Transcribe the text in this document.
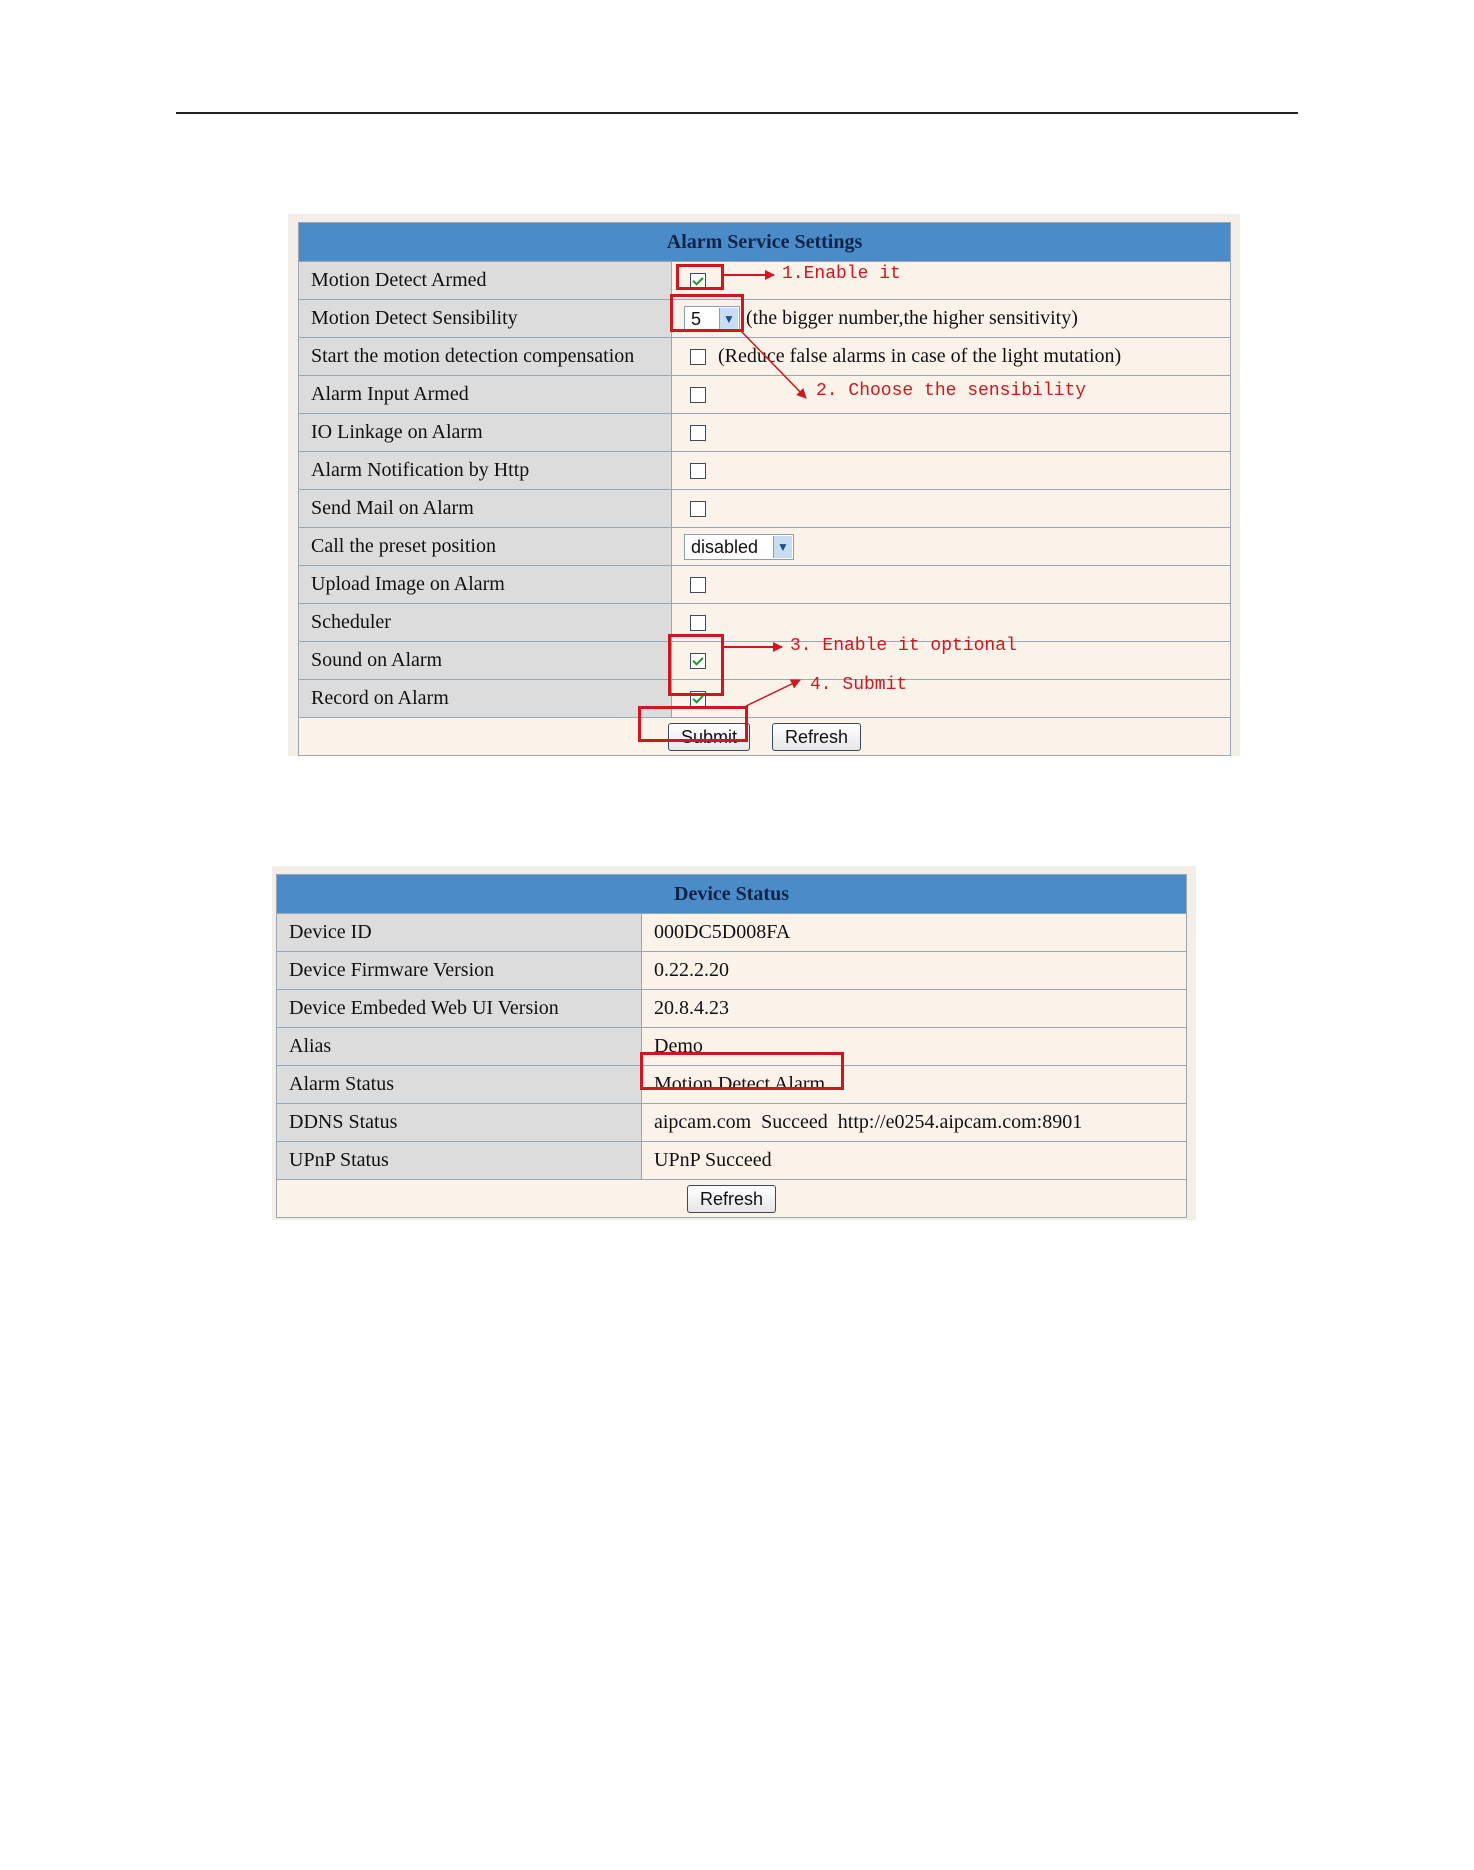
Alarm Service Settings	
Motion Detect Armed	
Motion Detect Sensibility	5 ▼ (the bigger number,the higher sensitivity)
Start the motion detection compensation	(Reduce false alarms in case of the light mutation)
Alarm Input Armed	
IO Linkage on Alarm	
Alarm Notification by Http	
Send Mail on Alarm	
Call the preset position	disabled ▼

Upload Image on Alarm	
Scheduler	
Sound on Alarm	
Record on Alarm	
Submit Refresh	
1.Enable it
2. Choose the sensibility
3. Enable it optional
4. Submit
Device Status	
Device ID	000DC5D008FA
Device Firmware Version	0.22.2.20
Device Embeded Web UI Version	20.8.4.23
Alias	Demo
Alarm Status	Motion Detect Alarm
DDNS Status	aipcam.com  Succeed  http://e0254.aipcam.com:8901
UPnP Status	UPnP Succeed
Refresh	
